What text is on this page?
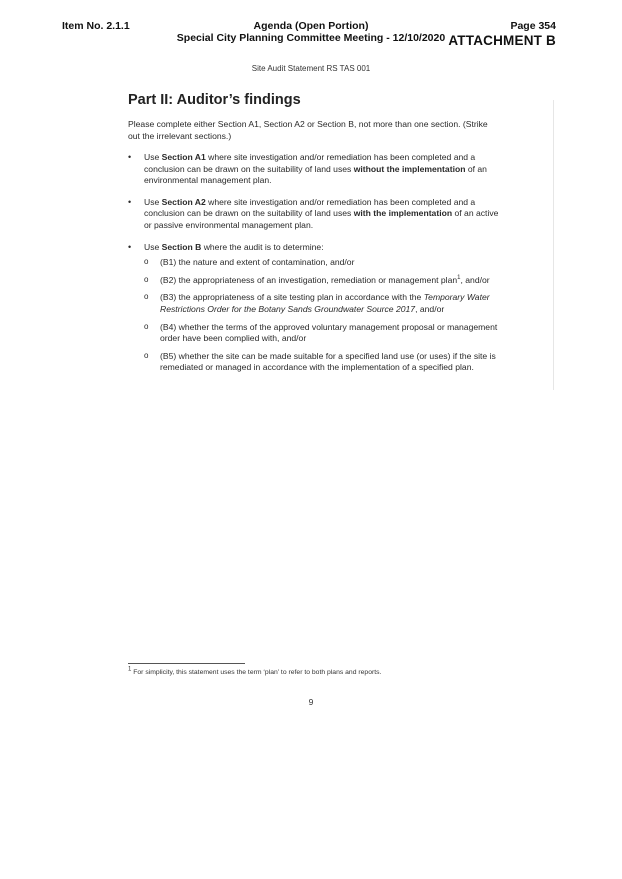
Item No. 2.1.1	Agenda (Open Portion)
Special City Planning Committee Meeting - 12/10/2020
Page 354
ATTACHMENT B
Site Audit Statement RS TAS 001
Part II: Auditor’s findings
Please complete either Section A1, Section A2 or Section B, not more than one section. (Strike out the irrelevant sections.)
• Use Section A1 where site investigation and/or remediation has been completed and a conclusion can be drawn on the suitability of land uses without the implementation of an environmental management plan.
• Use Section A2 where site investigation and/or remediation has been completed and a conclusion can be drawn on the suitability of land uses with the implementation of an active or passive environmental management plan.
• Use Section B where the audit is to determine:
o (B1) the nature and extent of contamination, and/or
o (B2) the appropriateness of an investigation, remediation or management plan$^1$, and/or
o (B3) the appropriateness of a site testing plan in accordance with the Temporary Water Restrictions Order for the Botany Sands Groundwater Source 2017, and/or
o (B4) whether the terms of the approved voluntary management proposal or management order have been complied with, and/or
o (B5) whether the site can be made suitable for a specified land use (or uses) if the site is remediated or managed in accordance with the implementation of a specified plan.
$^1$ For simplicity, this statement uses the term ‘plan’ to refer to both plans and reports.
9
